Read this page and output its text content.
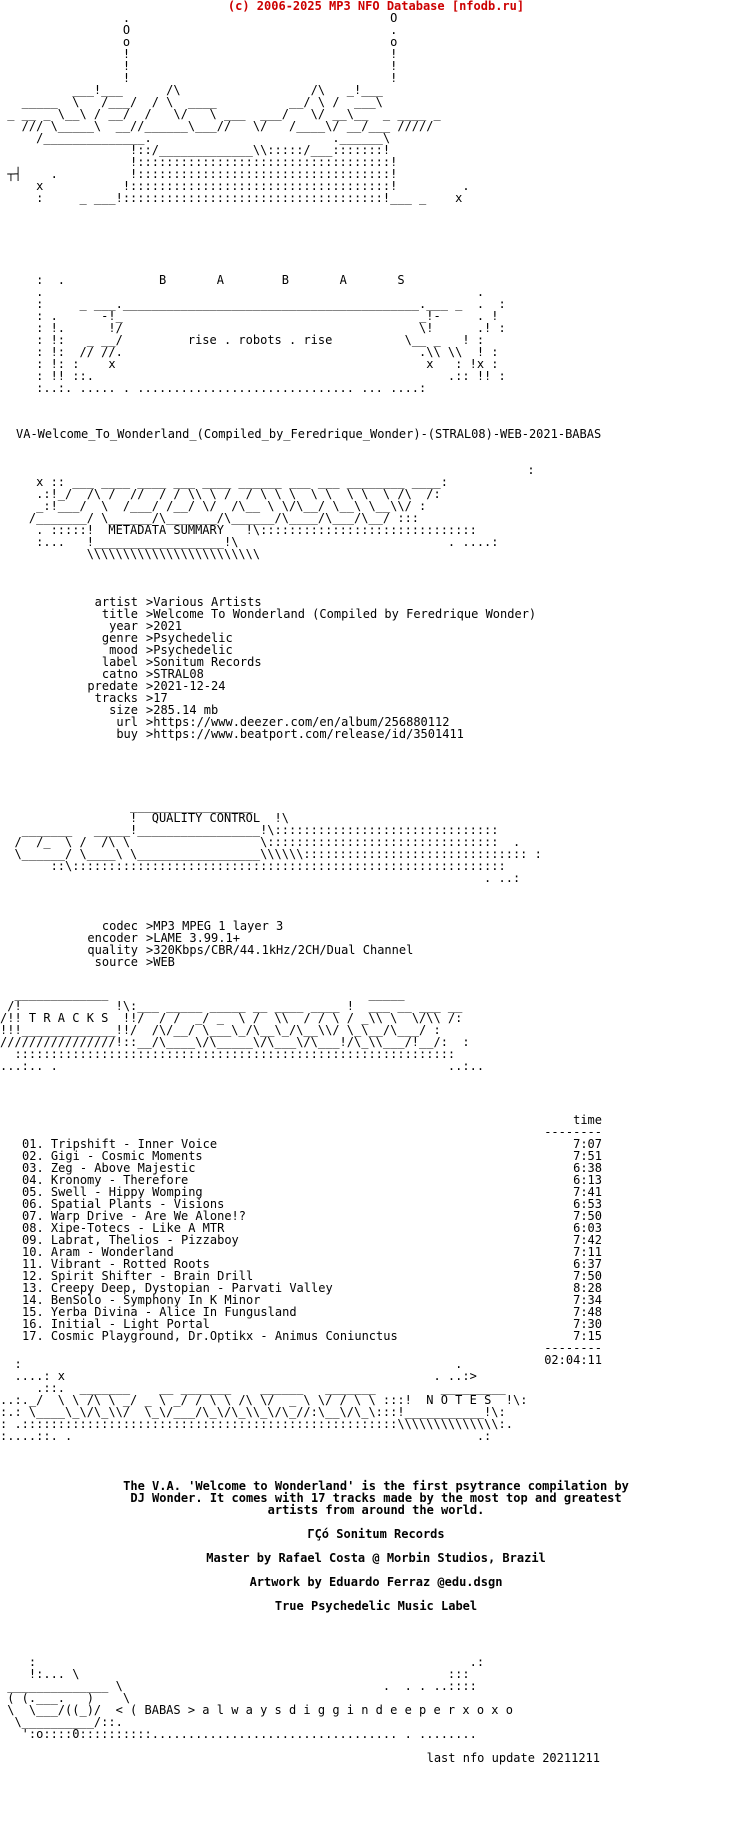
(c) 2006-2025 MP3 NFO Database [nfodb.ru]
.                                    O
O                                    .
o                                    o
!                                    !
!                                    !
!                                    !
___!___      /\                  /\   _!___
_____  \   /___/  / \  ____          __/ \ /  ___\
_ __ _ \__\ / __/  /   \/   \ ___  ___/   \/ __\__  _ ____ _
/// \_____\  __//______\___//   \/   /____\/ __/___ /////
/______________.                         .______\
!::/_____________\\:::::/___:::::::!
!:::::::::::::::::::::::::::::::::::!
┬┤    .          !:::::::::::::::::::::::::::::::::::!
x           !::::::::::::::::::::::::::::::::::::!         .
:     _ ___!::::::::::::::::::::::::::::::::::::!___ _    x
:  .             B	A	B	A	S
.                                                            .
:     _ ___._________________________________________.___ _  .  :
: .      -!_                                         _!-     . !
: !.      !/                                         \!      .! :
: !:   _ __/	rise . robots . rise	\__ _   ! :
: !:  // //.                                         .\\ \\  ! :
: !: :    x                                           x   : !x :
: !! ::.                                                 .:: !! :
:..:. ..... . .............................. ... ....:
VA-Welcome_To_Wonderland_(Compiled_by_Feredrique_Wonder)-(STRAL08)-WEB-2021-BABAS
:
x :: ___ ____ ____ ___ ____ ______ ___ ___ ________ ____:
.:!_/  /\ /  //  / / \\ \ /  / \ \ \  \ \  \ \  \ /\  /:
_:!___/  \  /___/ /__/ \/  /\__ \ \/\__/ \__\ \__\\/ :
/_______/ \______/\_______/\______/\____/\___/\__/ :::
. :::::!  METADATA SUMMARY   !\::::::::::::::::::::::::::::::
:...   !__________________!\                             . ....:
\\\\\\\\\\\\\\\\\\\\\\\\
artist > Various Artists
title > Welcome To Wonderland (Compiled by Feredrique Wonder)
year > 2021
genre > Psychedelic
mood > Psychedelic
label > Sonitum Records
catno > STRAL08
predate > 2021-12-24
tracks > 17
size > 285.14 mb
url > https://www.deezer.com/en/album/256880112
buy > https://www.beatport.com/release/id/3501411
_________________
!  QUALITY CONTROL  !\
_______   _____!_________________!\:::::::::::::::::::::::::::::::
/  /_  \ /  /\ \                  \::::::::::::::::::::::::::::::::  .
\______/ \____\ \_________________\\\\\\::::::::::::::::::::::::::::::: :
::\::::::::::::::::::::::::::::::::::::::::::::::::::::::::::::
. ..:
codec > MP3 MPEG 1 layer 3
encoder > LAME 3.99.1+
quality > 320Kbps/CBR/44.1kHz/2CH/Dual Channel
source > WEB
_____________                                    _____
/!             !\:___ _____ _____ __ ____ ____ !  ___ __ ___ __
/!! T R A C K S  !!/  / /  _/ _  \ /  \\  / / \ / _\\ \  \/\\ /:
!!!_____________!!/  /\/__/ \___\_/\__\_/\__\\/ \_\__/\___/ :
////////////////!::__/\____\/\_____\/\___\/\___!/\_\\___/!__/:  :
:::::::::::::::::::::::::::::::::::::::::::::::::::::::::::::
...:.. .                                                      ..:..
time
--------
01. Tripshift - Inner Voice	7:07
02. Gigi - Cosmic Moments	7:51
03. Zeg - Above Majestic	6:38
04. Kronomy - Therefore	6:13
05. Swell - Hippy Womping	7:41
06. Spatial Plants - Visions	6:53
07. Warp Drive - Are We Alone!?	7:50
08. Xipe-Totecs - Like A MTR	6:03
09. Labrat, Thelios - Pizzaboy	7:42
10. Aram - Wonderland	7:11
11. Vibrant - Rotted Roots	6:37
12. Spirit Shifter - Brain Drill	7:50
13. Creepy Deep, Dystopian - Parvati Valley	8:28
14. BenSolo - Symphony In K Minor	7:34
15. Yerba Divina - Alice In Fungusland	7:48
16. Initial - Light Portal	7:30
17. Cosmic Playground, Dr.Optikx - Animus Coniunctus	7:15
--------
02:04:11
:                                                            .
....: x                                                   . ..:>
.::.  _______    __ _______    ______   _______         _________
..:._/  \ \ /\ \ _/ _ \ _/ / \ \ /\ \/  _ \ \/ / \ \ :::!  N O T E S  !\:
:.: \____\_\/\_\\/  \_\/___/\_\/\_\\_\/\_//:\__\/\_\:::!___________!\:
: .::::::::::::::::::::::::::::::::::::::::::::::::::::\\\\\\\\\\\\\\:.
:....::. .                                                        .:
The V.A. 'Welcome to Wonderland' is the first psytrance compilation by
DJ Wonder. It comes with 17 tracks made by the most top and greatest
artists from around the world.

ΓÇó Sonitum Records

Master by Rafael Costa @ Morbin Studios, Brazil

Artwork by Eduardo Ferraz @edu.dsgn

True Psychedelic Music Label

:                                                            .:
!:... \                                                   :::
______________ \                                    .  . . ..::::
( (.___.   )    \
\  \___/((_)/  < ( BABAS > a l w a y s d i g g i n d e e p e r x o x o
\__________/::.
':o::::0::::::::::.................................. . ........
last nfo update 20211211
